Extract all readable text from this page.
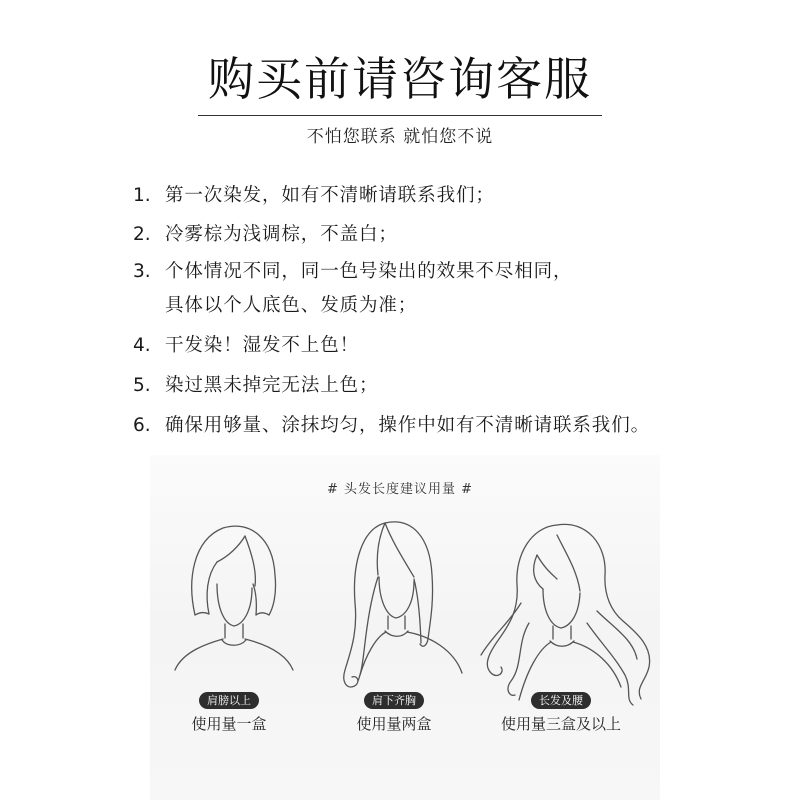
购买前请咨询客服
不怕您联系 就怕您不说
1. 第一次染发，如有不清晰请联系我们；
2. 冷雾棕为浅调棕，不盖白；
3. 个体情况不同，同一色号染出的效果不尽相同，
具体以个人底色、发质为准；
4. 干发染！湿发不上色！
5. 染过黑未掉完无法上色；
6. 确保用够量、涂抹均匀，操作中如有不清晰请联系我们。
# 头发长度建议用量 #
肩膀以上
使用量一盒
肩下齐胸
使用量两盒
长发及腰
使用量三盒及以上
